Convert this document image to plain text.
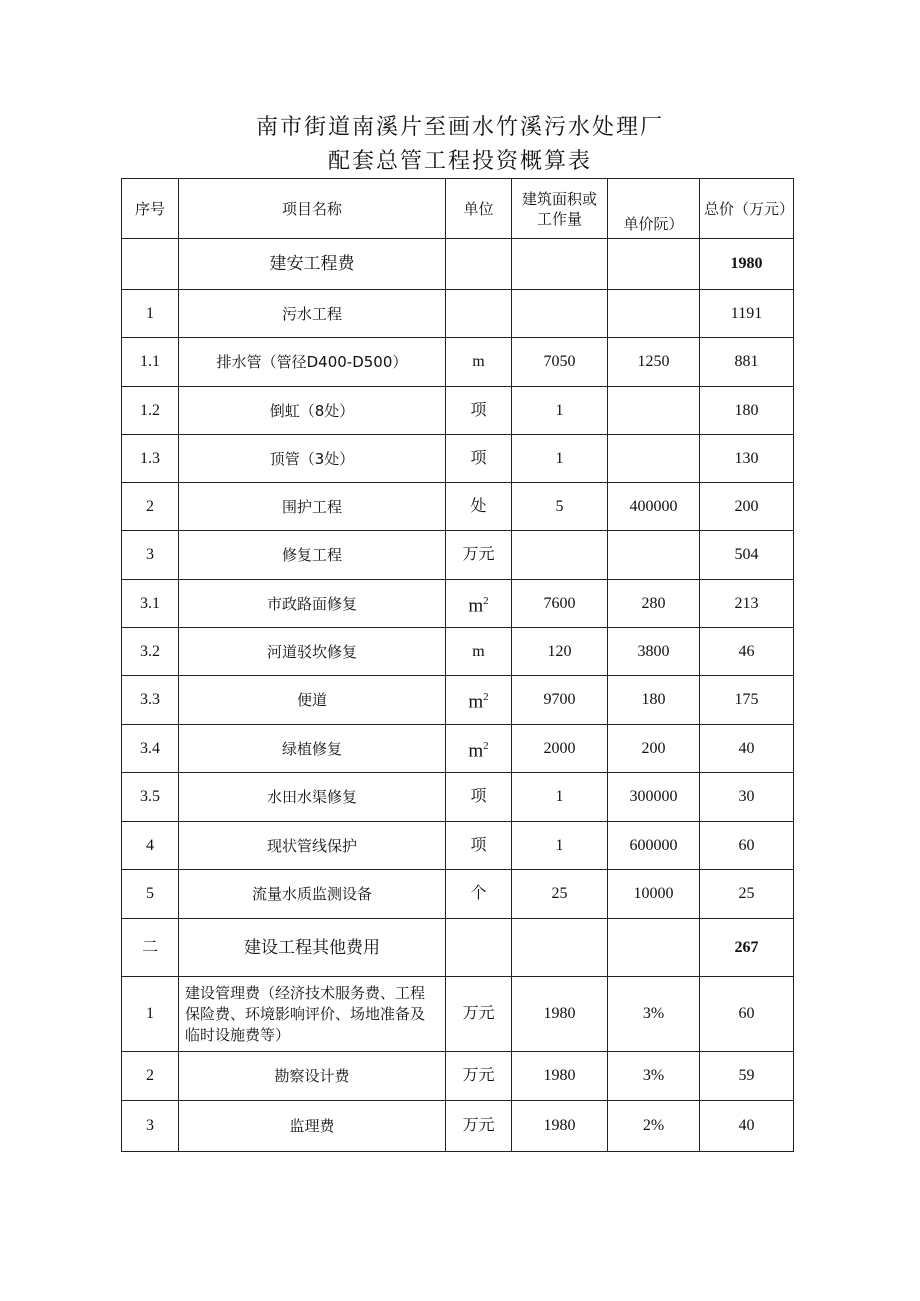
南市街道南溪片至画水竹溪污水处理厂
配套总管工程投资概算表
序号	项目名称	单位	建筑面积或工作量	单价阮）	总价（万元）
	建安工程费				1980
1	污水工程				1191
1.1	排水管（管径D400-D500）	m	7050	1250	881
1.2	倒虹（8处）	项	1		180
1.3	顶管（3处）	项	1		130
2	围护工程	处	5	400000	200
3	修复工程	万元			504
3.1	市政路面修复	$m^2$	7600	280	213
3.2	河道驳坎修复	m	120	3800	46
3.3	便道	$m^2$	9700	180	175
3.4	绿植修复	$m^2$	2000	200	40
3.5	水田水渠修复	项	1	300000	30
4	现状管线保护	项	1	600000	60
5	流量水质监测设备	个	25	10000	25
二	建设工程其他费用				267
1	建设管理费（经济技术服务费、工程保险费、环境影响评价、场地准备及临时设施费等）	万元	1980	3%	60
2	勘察设计费	万元	1980	3%	59
3	监理费	万元	1980	2%	40
